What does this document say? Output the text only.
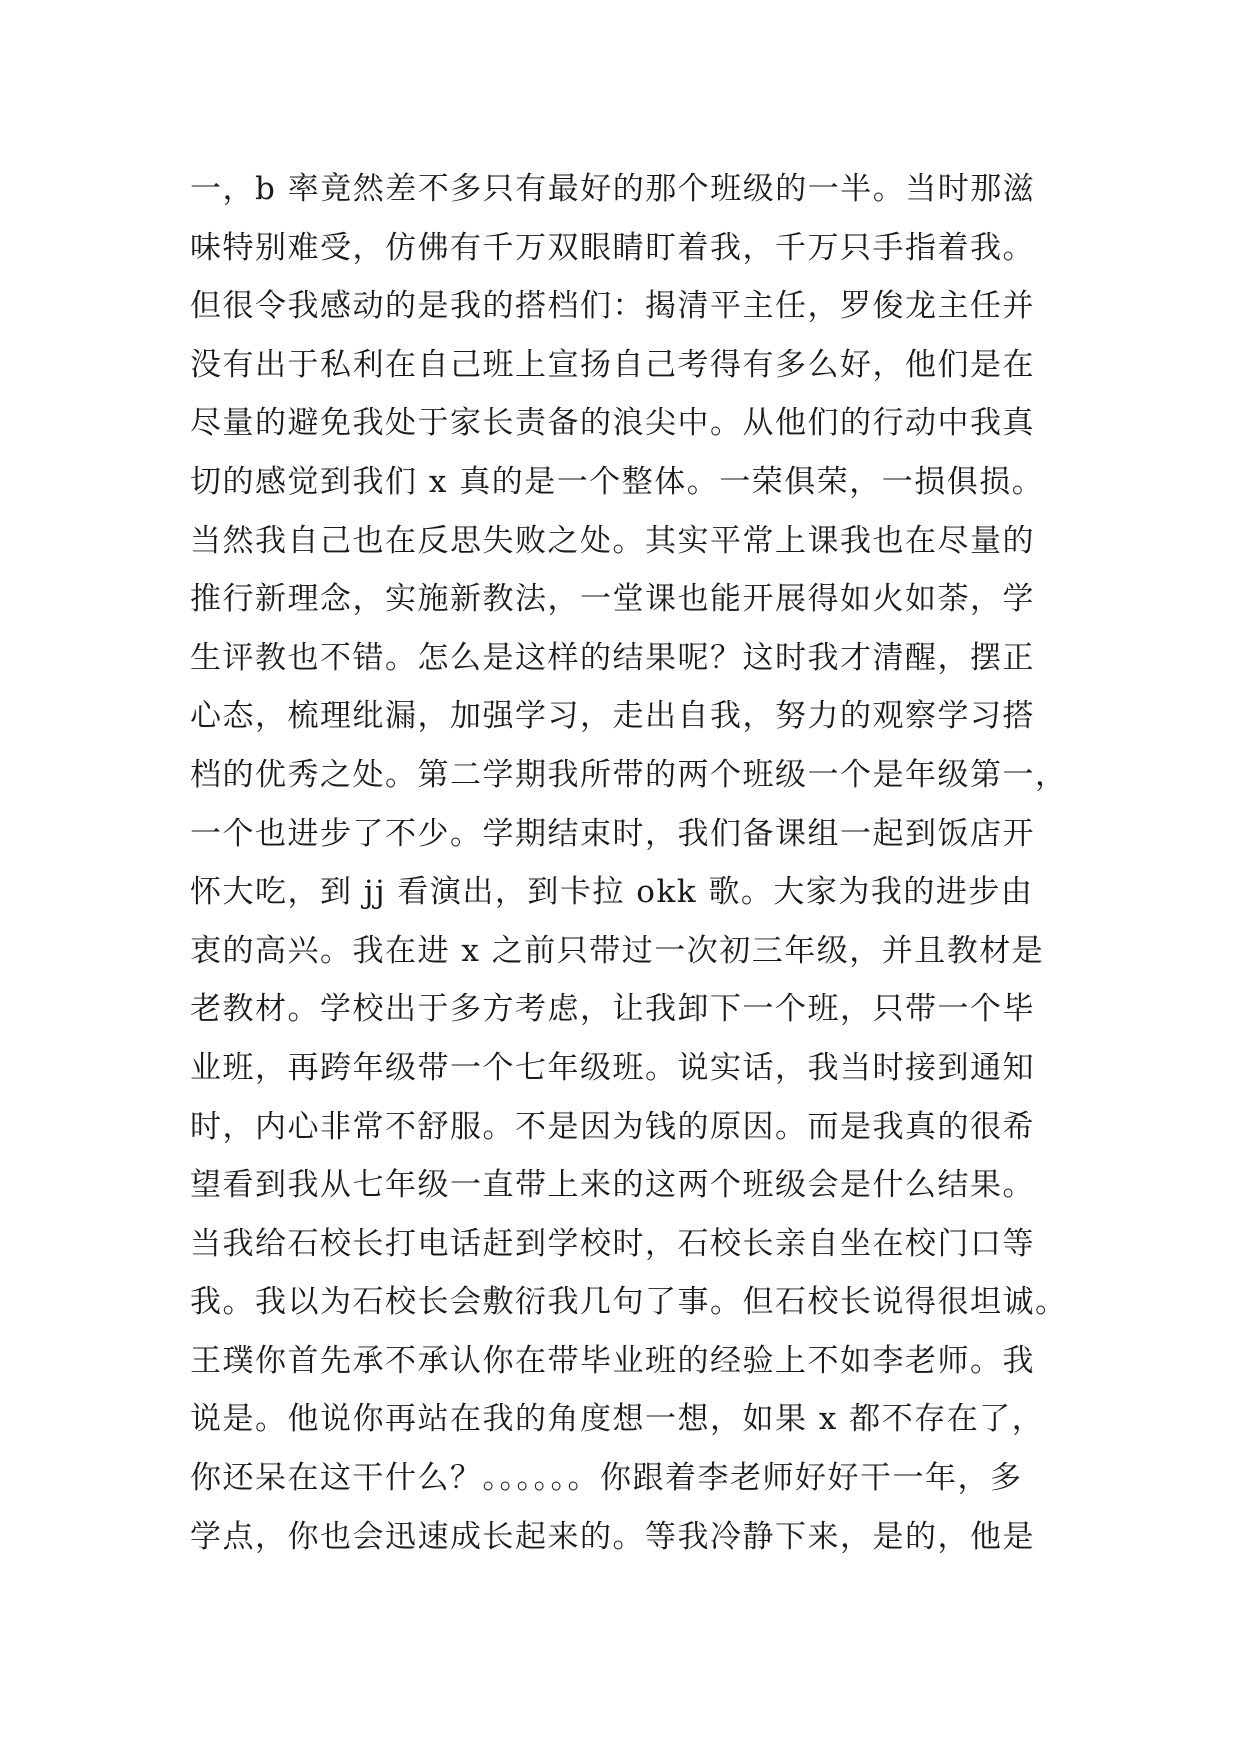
一，b 率竟然差不多只有最好的那个班级的一半。当时那滋
味特别难受，仿佛有千万双眼睛盯着我，千万只手指着我。
但很令我感动的是我的搭档们：揭清平主任，罗俊龙主任并
没有出于私利在自己班上宣扬自己考得有多么好，他们是在
尽量的避免我处于家长责备的浪尖中。从他们的行动中我真
切的感觉到我们 x 真的是一个整体。一荣俱荣，一损俱损。
当然我自己也在反思失败之处。其实平常上课我也在尽量的
推行新理念，实施新教法，一堂课也能开展得如火如荼，学
生评教也不错。怎么是这样的结果呢？这时我才清醒，摆正
心态，梳理纰漏，加强学习，走出自我，努力的观察学习搭
档的优秀之处。第二学期我所带的两个班级一个是年级第一，
一个也进步了不少。学期结束时，我们备课组一起到饭店开
怀大吃，到 jj 看演出，到卡拉 okk 歌。大家为我的进步由
衷的高兴。我在进 x 之前只带过一次初三年级，并且教材是
老教材。学校出于多方考虑，让我卸下一个班，只带一个毕
业班，再跨年级带一个七年级班。说实话，我当时接到通知
时，内心非常不舒服。不是因为钱的原因。而是我真的很希
望看到我从七年级一直带上来的这两个班级会是什么结果。
当我给石校长打电话赶到学校时，石校长亲自坐在校门口等
我。我以为石校长会敷衍我几句了事。但石校长说得很坦诚。
王璞你首先承不承认你在带毕业班的经验上不如李老师。我
说是。他说你再站在我的角度想一想，如果 x 都不存在了，
你还呆在这干什么？。。。。。。你跟着李老师好好干一年，多
学点，你也会迅速成长起来的。等我冷静下来，是的，他是
